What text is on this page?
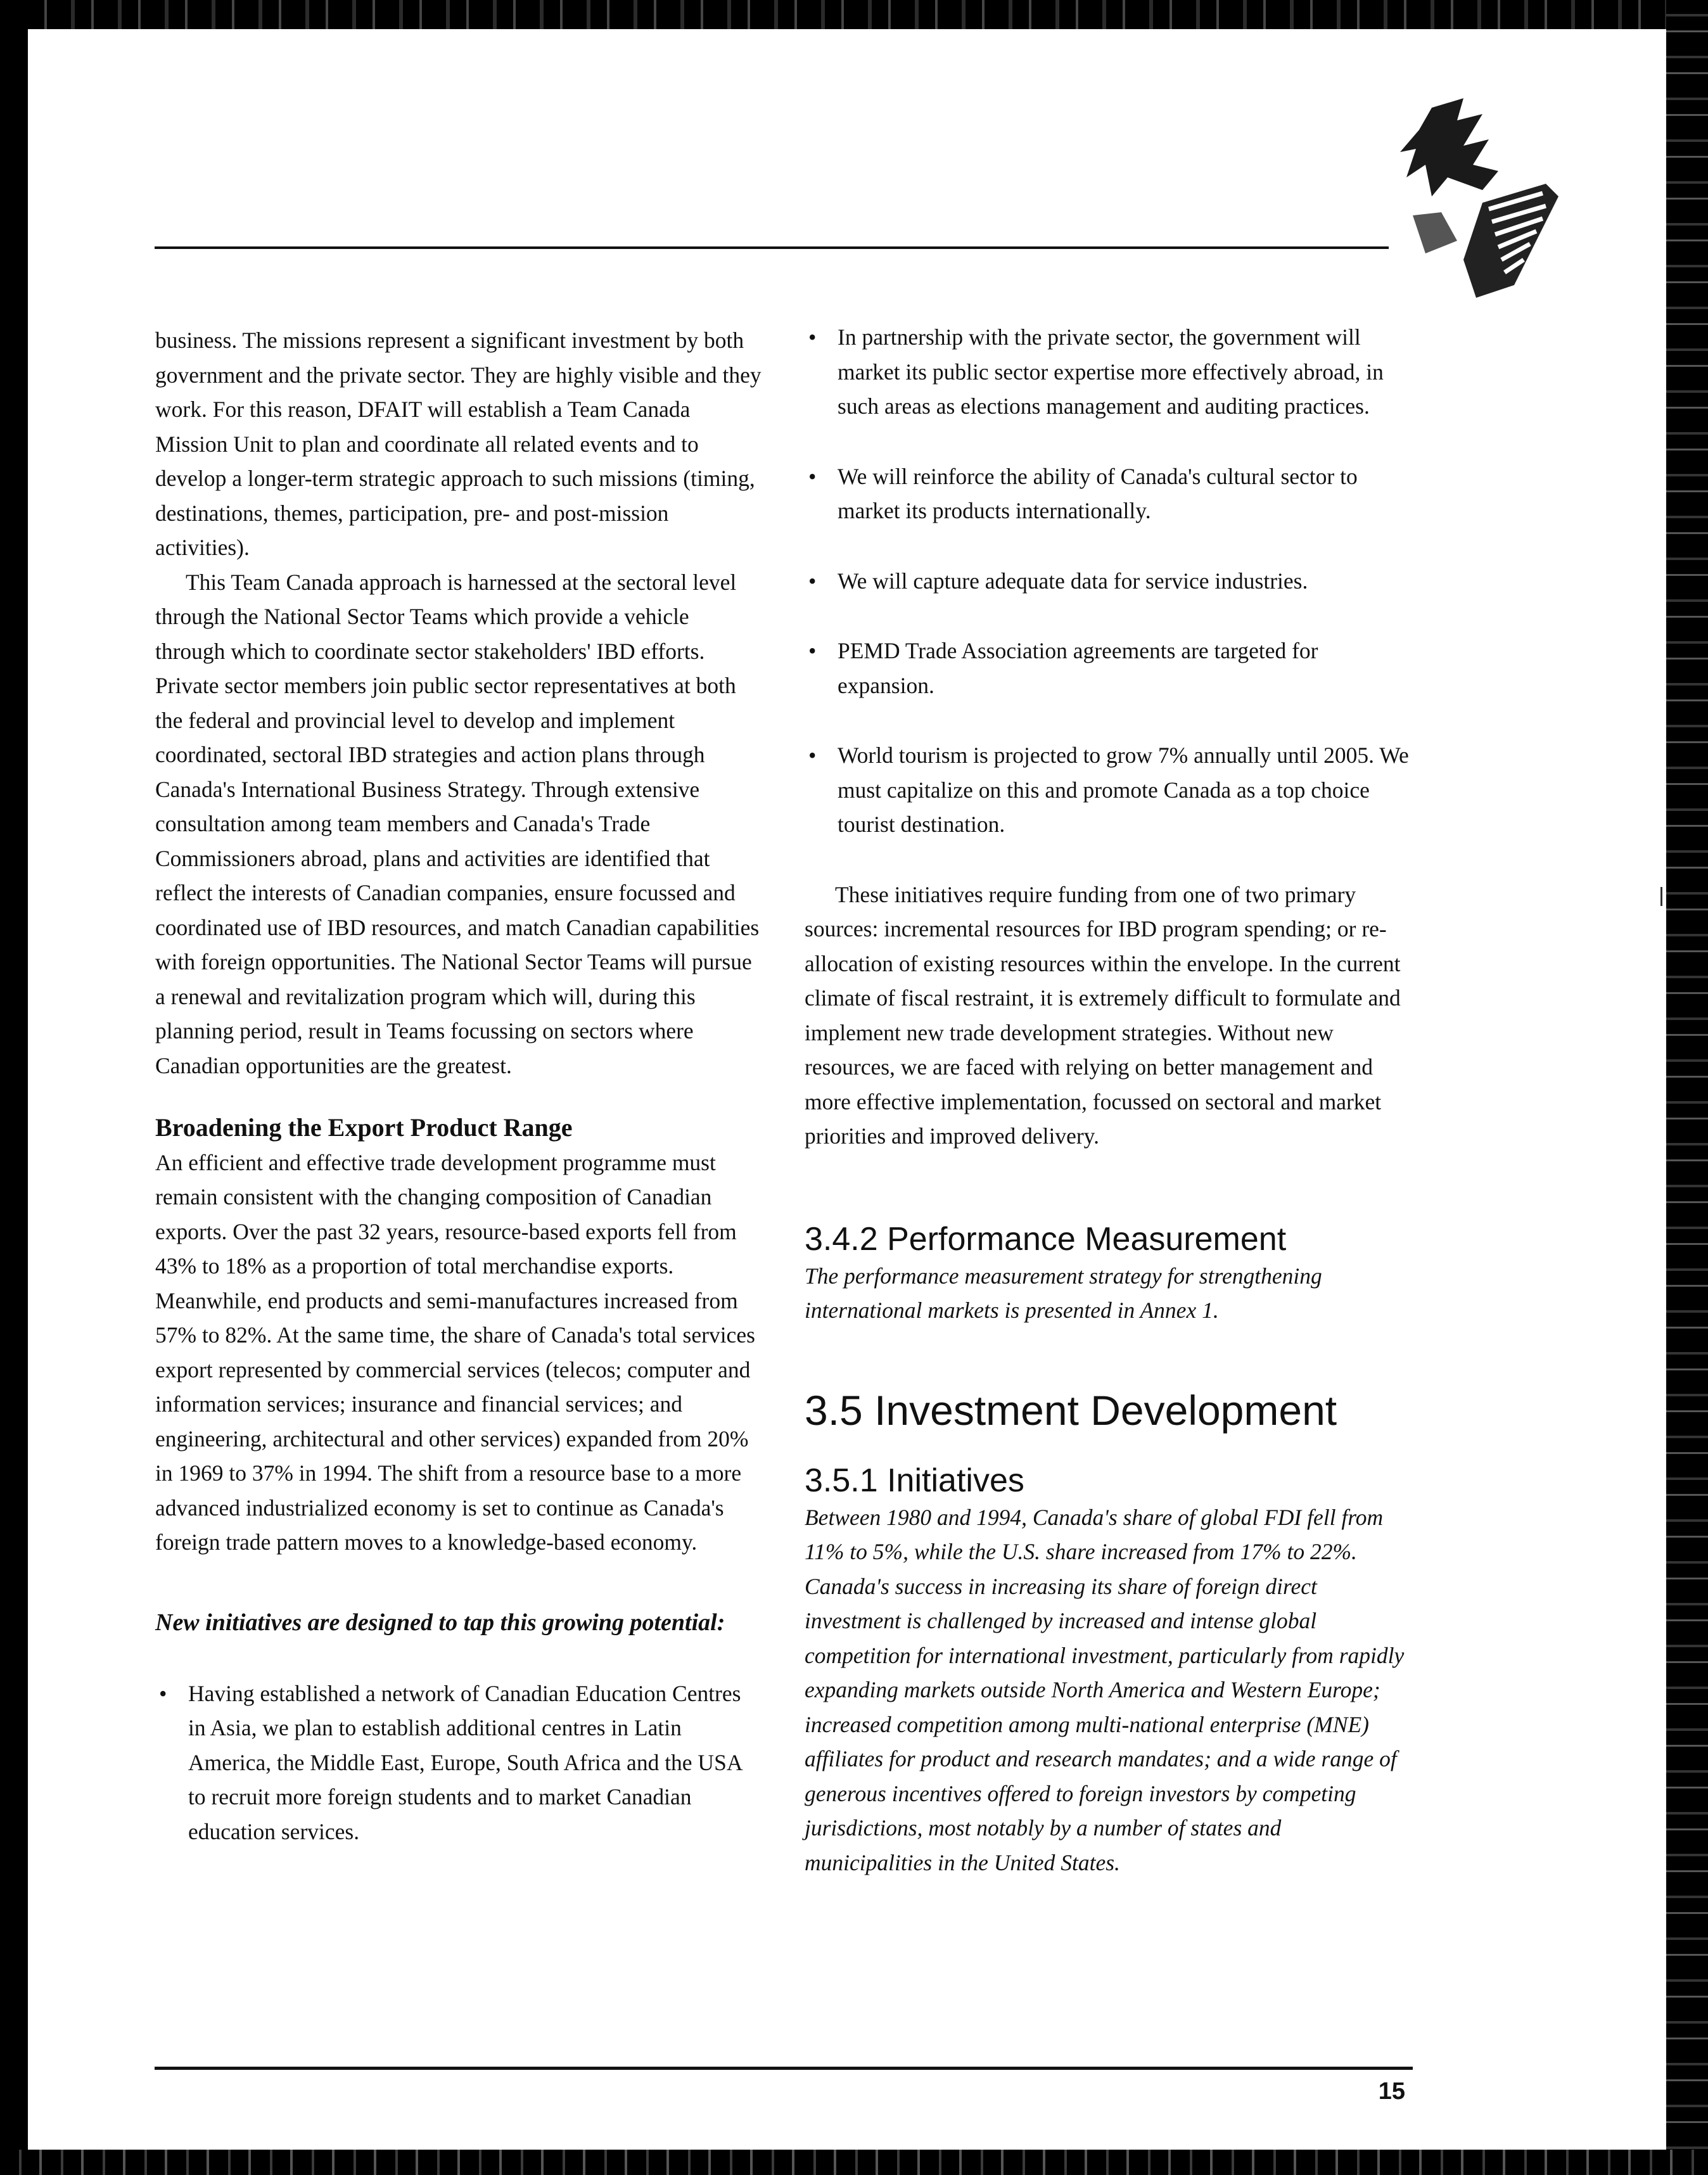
business. The missions represent a significant investment by both government and the private sector. They are highly visible and they work. For this reason, DFAIT will establish a Team Canada Mission Unit to plan and coordinate all related events and to develop a longer-term strategic approach to such missions (timing, destinations, themes, participation, pre- and post-mission activities).

This Team Canada approach is harnessed at the sectoral level through the National Sector Teams which provide a vehicle through which to coordinate sector stakeholders' IBD efforts. Private sector members join public sector representatives at both the federal and provincial level to develop and implement coordinated, sectoral IBD strategies and action plans through Canada's International Business Strategy. Through extensive consultation among team members and Canada's Trade Commissioners abroad, plans and activities are identified that reflect the interests of Canadian companies, ensure focussed and coordinated use of IBD resources, and match Canadian capabilities with foreign opportunities. The National Sector Teams will pursue a renewal and revitalization program which will, during this planning period, result in Teams focussing on sectors where Canadian opportunities are the greatest.

Broadening the Export Product Range

An efficient and effective trade development programme must remain consistent with the changing composition of Canadian exports. Over the past 32 years, resource-based exports fell from 43% to 18% as a proportion of total merchandise exports. Meanwhile, end products and semi-manufactures increased from 57% to 82%. At the same time, the share of Canada's total services export represented by commercial services (telecos; computer and information services; insurance and financial services; and engineering, architectural and other services) expanded from 20% in 1969 to 37% in 1994. The shift from a resource base to a more advanced industrialized economy is set to continue as Canada's foreign trade pattern moves to a knowledge-based economy.

New initiatives are designed to tap this growing potential:

• Having established a network of Canadian Education Centres in Asia, we plan to establish additional centres in Latin America, the Middle East, Europe, South Africa and the USA to recruit more foreign students and to market Canadian education services.
• In partnership with the private sector, the government will market its public sector expertise more effectively abroad, in such areas as elections management and auditing practices.
• We will reinforce the ability of Canada's cultural sector to market its products internationally.
• We will capture adequate data for service industries.
• PEMD Trade Association agreements are targeted for expansion.
• World tourism is projected to grow 7% annually until 2005. We must capitalize on this and promote Canada as a top choice tourist destination.

These initiatives require funding from one of two primary sources: incremental resources for IBD program spending; or re-allocation of existing resources within the envelope. In the current climate of fiscal restraint, it is extremely difficult to formulate and implement new trade development strategies. Without new resources, we are faced with relying on better management and more effective implementation, focussed on sectoral and market priorities and improved delivery.

3.4.2 Performance Measurement

The performance measurement strategy for strengthening international markets is presented in Annex 1.

3.5 Investment Development

3.5.1 Initiatives

Between 1980 and 1994, Canada's share of global FDI fell from 11% to 5%, while the U.S. share increased from 17% to 22%. Canada's success in increasing its share of foreign direct investment is challenged by increased and intense global competition for international investment, particularly from rapidly expanding markets outside North America and Western Europe; increased competition among multi-national enterprise (MNE) affiliates for product and research mandates; and a wide range of generous incentives offered to foreign investors by competing jurisdictions, most notably by a number of states and municipalities in the United States.

15
